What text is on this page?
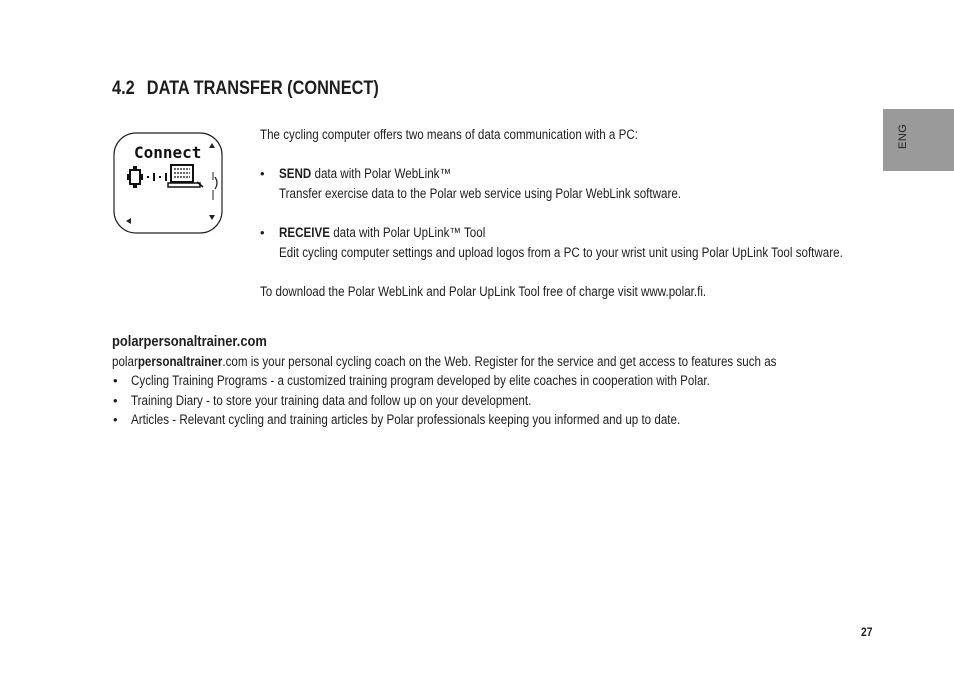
4.2 DATA TRANSFER (CONNECT)
Connect
The cycling computer offers two means of data communication with a PC:
• SEND data with Polar WebLink™
Transfer exercise data to the Polar web service using Polar WebLink software.
• RECEIVE data with Polar UpLink™ Tool
Edit cycling computer settings and upload logos from a PC to your wrist unit using Polar UpLink Tool software.
To download the Polar WebLink and Polar UpLink Tool free of charge visit www.polar.fi.
polarpersonaltrainer.com
polarpersonaltrainer.com is your personal cycling coach on the Web. Register for the service and get access to features such as
• Cycling Training Programs - a customized training program developed by elite coaches in cooperation with Polar.
• Training Diary - to store your training data and follow up on your development.
• Articles - Relevant cycling and training articles by Polar professionals keeping you informed and up to date.
ENG
27
